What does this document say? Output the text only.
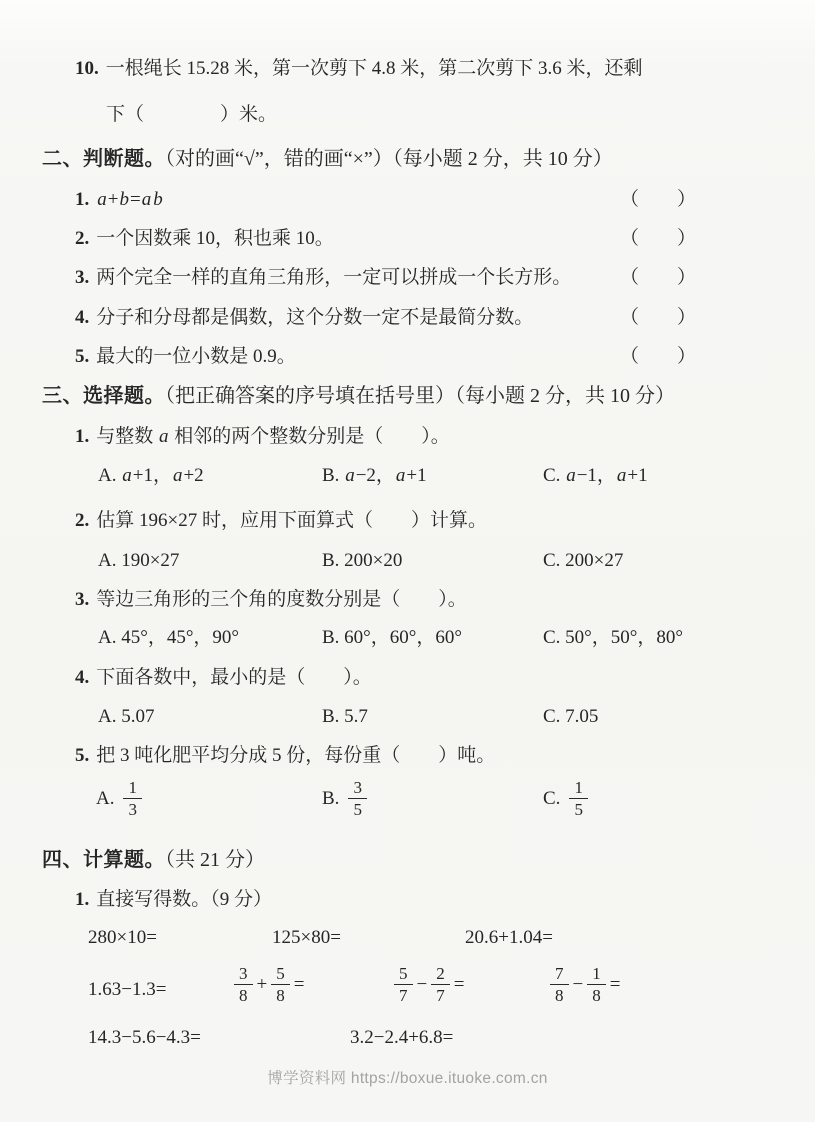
10. 一根绳长 15.28 米，第一次剪下 4.8 米，第二次剪下 3.6 米，还剩
下（　　　　）米。
二、判断题。（对的画“√”，错的画“×”）（每小题 2 分，共 10 分）
1. a+b=a b	（　　）
2. 一个因数乘 10，积也乘 10。	（　　）
3. 两个完全一样的直角三角形，一定可以拼成一个长方形。	（　　）
4. 分子和分母都是偶数，这个分数一定不是最简分数。	（　　）
5. 最大的一位小数是 0.9。	（　　）
三、选择题。（把正确答案的序号填在括号里）（每小题 2 分，共 10 分）
1. 与整数 a 相邻的两个整数分别是（　　）。
A. a+1，a+2	B. a−2，a+1	C. a−1，a+1
2. 估算 196×27 时，应用下面算式（　　）计算。
A. 190×27	B. 200×20	C. 200×27
3. 等边三角形的三个角的度数分别是（　　）。
A. 45°，45°，90°	B. 60°，60°，60°	C. 50°，50°，80°
4. 下面各数中，最小的是（　　）。
A. 5.07	B. 5.7	C. 7.05
5. 把 3 吨化肥平均分成 5 份，每份重（　　）吨。
A. $\frac{1}{3}$	B. $\frac{3}{5}$	C. $\frac{1}{5}$
四、计算题。（共 21 分）
1. 直接写得数。（9 分）
280×10=	125×80=	20.6+1.04=
1.63−1.3=	$\frac{3}{8} + \frac{5}{8}$ =	$\frac{5}{7} - \frac{2}{7}$ =	$\frac{7}{8} - \frac{1}{8}$ =
14.3−5.6−4.3=	3.2−2.4+6.8=
博学资料网 https://boxue.ituoke.com.cn
